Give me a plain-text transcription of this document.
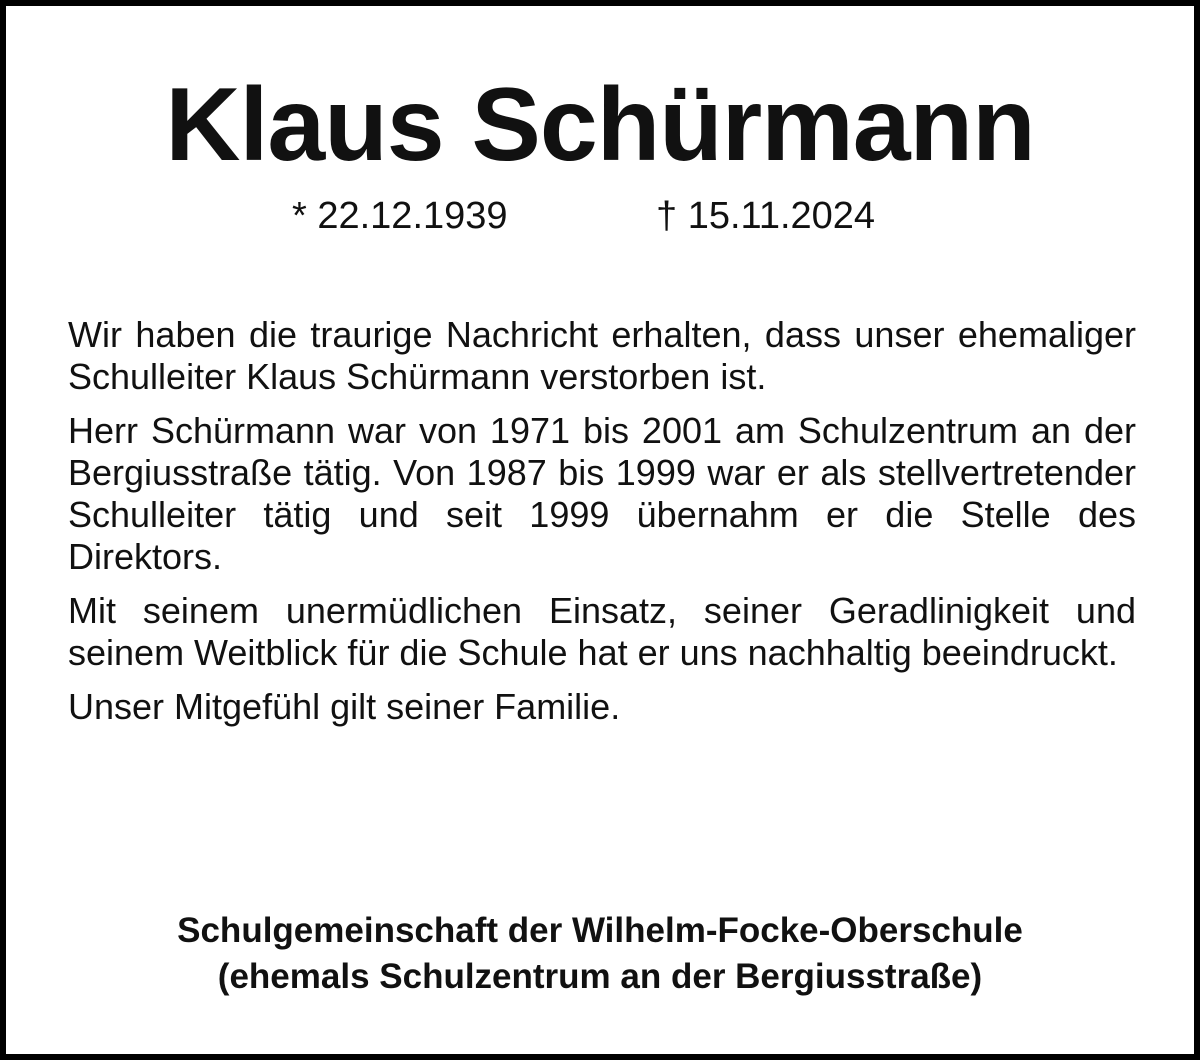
Klaus Schürmann
* 22.12.1939	† 15.11.2024

Wir haben die traurige Nachricht erhalten, dass unser ehemaliger Schulleiter Klaus Schürmann verstorben ist.

Herr Schürmann war von 1971 bis 2001 am Schulzentrum an der Bergiusstraße tätig. Von 1987 bis 1999 war er als stellvertretender Schulleiter tätig und seit 1999 übernahm er die Stelle des Direktors.

Mit seinem unermüdlichen Einsatz, seiner Geradlinigkeit und seinem Weitblick für die Schule hat er uns nachhaltig beeindruckt.

Unser Mitgefühl gilt seiner Familie.

Schulgemeinschaft der Wilhelm-Focke-Oberschule
(ehemals Schulzentrum an der Bergiusstraße)
